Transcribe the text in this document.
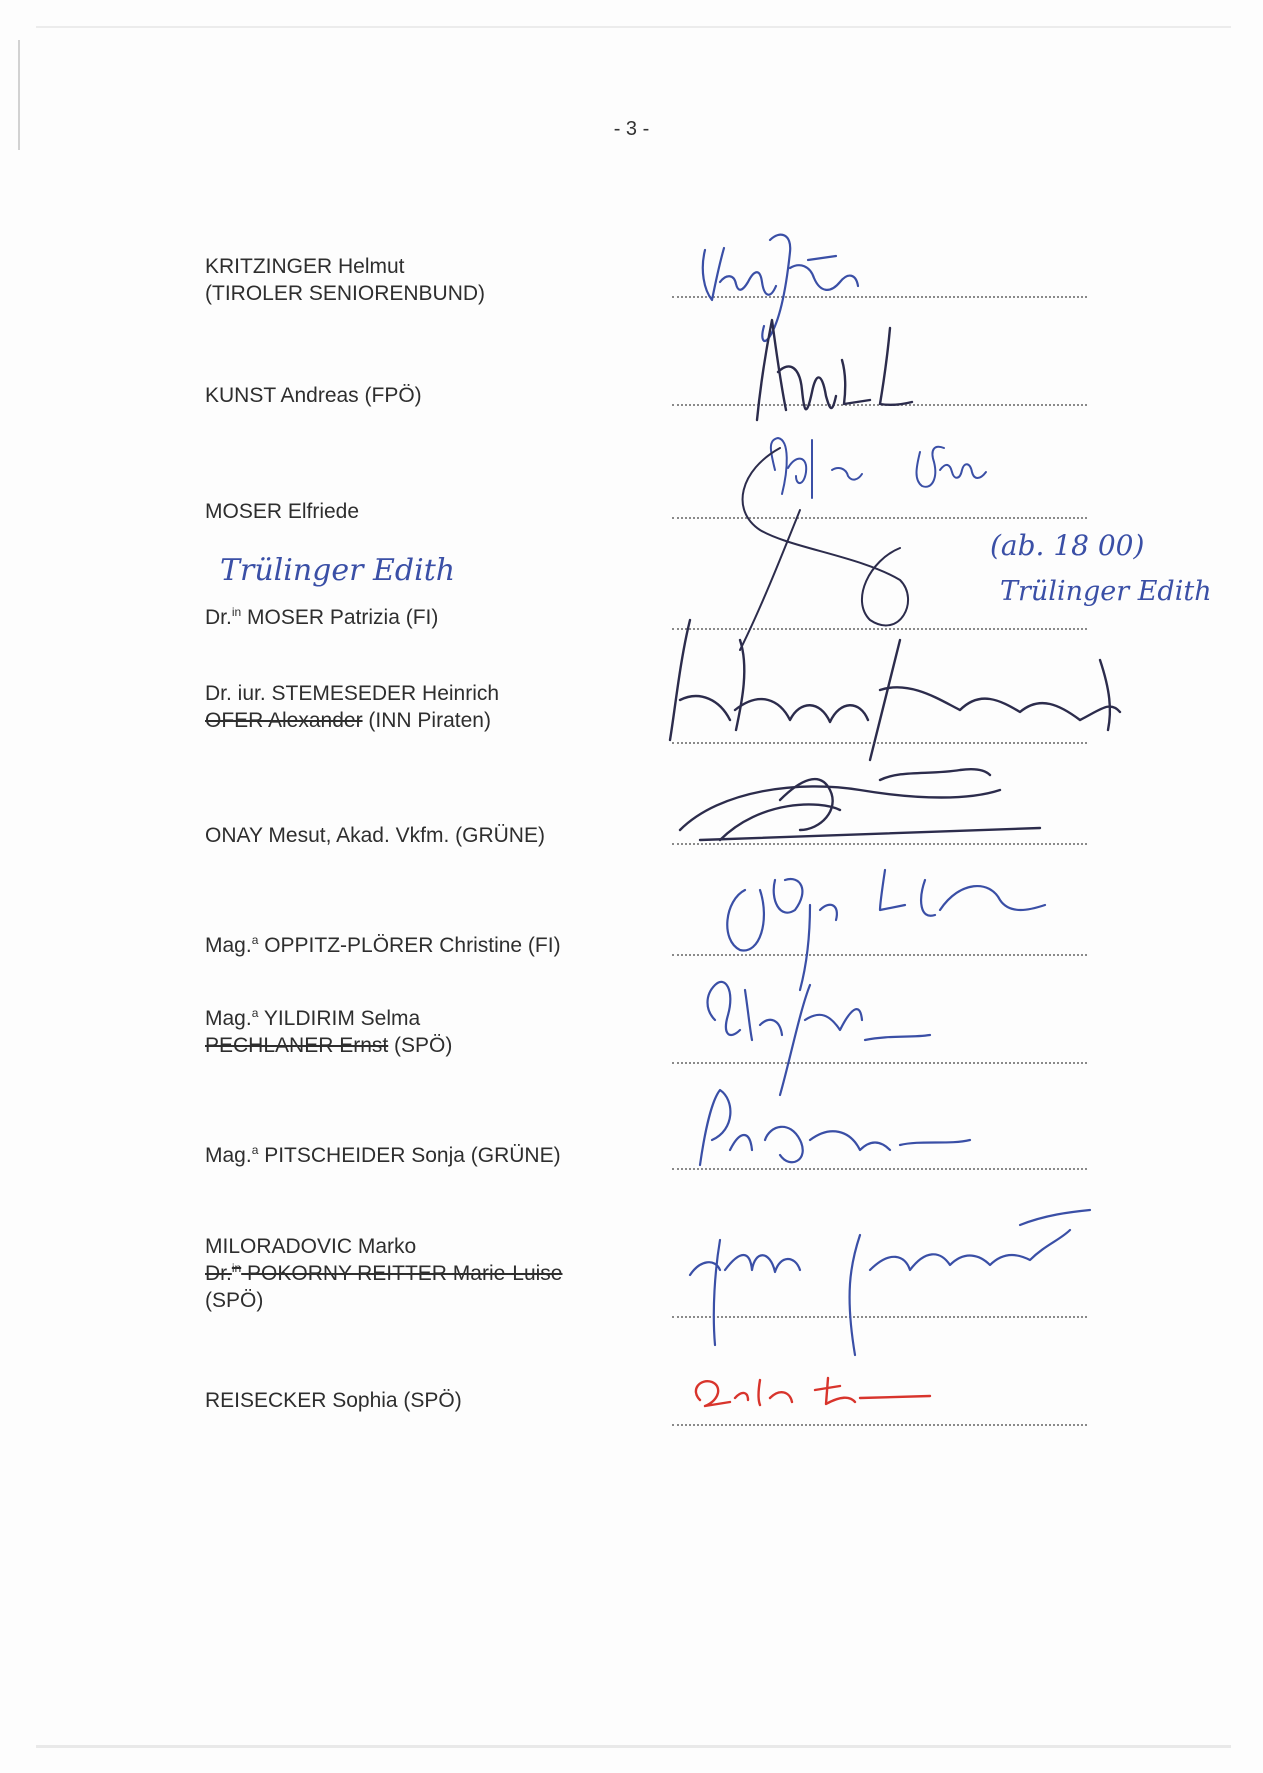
- 3 -
KRITZINGER Helmut
(TIROLER SENIORENBUND)
KUNST Andreas (FPÖ)
MOSER Elfriede
Dr.$^{in}$ MOSER Patrizia (FI)
Dr. iur. STEMESEDER Heinrich
OFER Alexander (INN Piraten)
ONAY Mesut, Akad. Vkfm. (GRÜNE)
Mag.$^a$ OPPITZ-PLÖRER Christine (FI)
Mag.$^a$ YILDIRIM Selma
PECHLANER Ernst (SPÖ)
Mag.$^a$ PITSCHEIDER Sonja (GRÜNE)
MILORADOVIC Marko
Dr.$^{in}$ POKORNY-REITTER Marie-Luise
(SPÖ)
REISECKER Sophia (SPÖ)
(ab. 18 00)
Trülinger Edith
Trülinger Edith
